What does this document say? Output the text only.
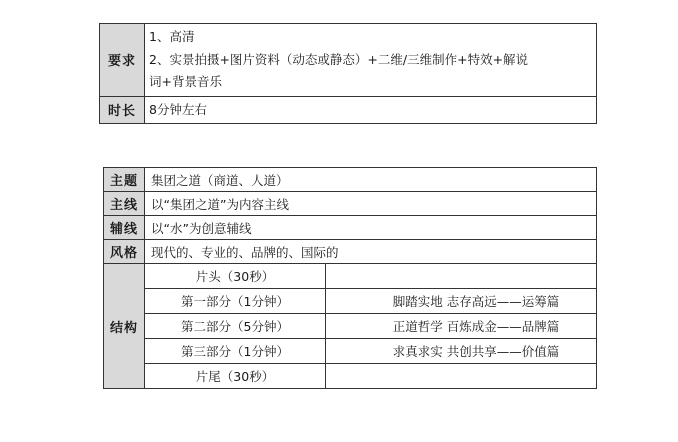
要求	1、高清
2、实景拍摄+图片资料（动态或静态）+二维/三维制作+特效+解说
词+背景音乐

时长	8分钟左右
主题	集团之道（商道、人道）	
主线	以“集团之道”为内容主线	
辅线	以“水”为创意辅线	
风格	现代的、专业的、品牌的、国际的	
结构	片头（30秒）	
	第一部分（1分钟）	脚踏实地 志存高远——运筹篇
	第二部分（5分钟）	正道哲学 百炼成金——品牌篇
	第三部分（1分钟）	求真求实 共创共享——价值篇
	片尾（30秒）	
